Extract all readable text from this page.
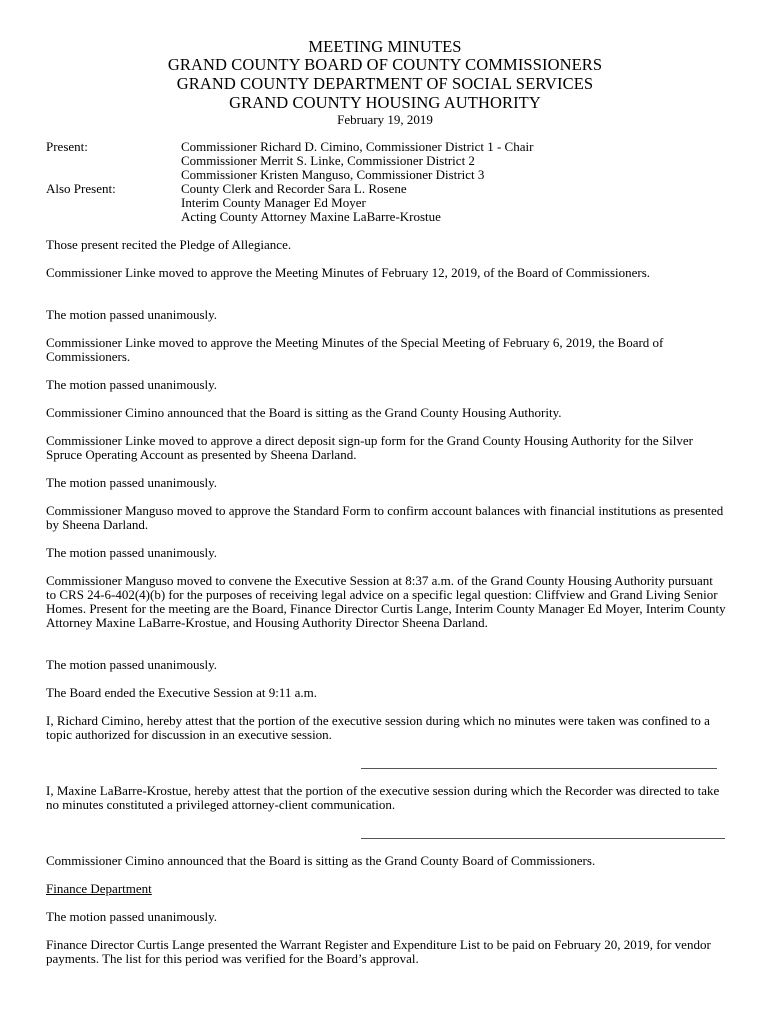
MEETING MINUTES
GRAND COUNTY BOARD OF COUNTY COMMISSIONERS
GRAND COUNTY DEPARTMENT OF SOCIAL SERVICES
GRAND COUNTY HOUSING AUTHORITY
February 19, 2019
Present:	Commissioner Richard D. Cimino, Commissioner District 1 - Chair
Commissioner Merrit S. Linke, Commissioner District 2
Commissioner Kristen Manguso, Commissioner District 3
Also Present:	County Clerk and Recorder Sara L. Rosene
Interim County Manager Ed Moyer
Acting County Attorney Maxine LaBarre-Krostue
Those present recited the Pledge of Allegiance.
Commissioner Linke moved to approve the Meeting Minutes of February 12, 2019, of the Board of Commissioners.
The motion passed unanimously.
Commissioner Linke moved to approve the Meeting Minutes of the Special Meeting of February 6, 2019, the Board of Commissioners.
The motion passed unanimously.
Commissioner Cimino announced that the Board is sitting as the Grand County Housing Authority.
Commissioner Linke moved to approve a direct deposit sign-up form for the Grand County Housing Authority for the Silver Spruce Operating Account as presented by Sheena Darland.
The motion passed unanimously.
Commissioner Manguso moved to approve the Standard Form to confirm account balances with financial institutions as presented by Sheena Darland.
The motion passed unanimously.
Commissioner Manguso moved to convene the Executive Session at 8:37 a.m. of the Grand County Housing Authority pursuant to CRS 24-6-402(4)(b) for the purposes of receiving legal advice on a specific legal question: Cliffview and Grand Living Senior Homes. Present for the meeting are the Board, Finance Director Curtis Lange, Interim County Manager Ed Moyer, Interim County Attorney Maxine LaBarre-Krostue, and Housing Authority Director Sheena Darland.
The motion passed unanimously.
The Board ended the Executive Session at 9:11 a.m.
I, Richard Cimino, hereby attest that the portion of the executive session during which no minutes were taken was confined to a topic authorized for discussion in an executive session.
I, Maxine LaBarre-Krostue, hereby attest that the portion of the executive session during which the Recorder was directed to take no minutes constituted a privileged attorney-client communication.
Commissioner Cimino announced that the Board is sitting as the Grand County Board of Commissioners.
Finance Department
The motion passed unanimously.
Finance Director Curtis Lange presented the Warrant Register and Expenditure List to be paid on February 20, 2019, for vendor payments. The list for this period was verified for the Board’s approval.
